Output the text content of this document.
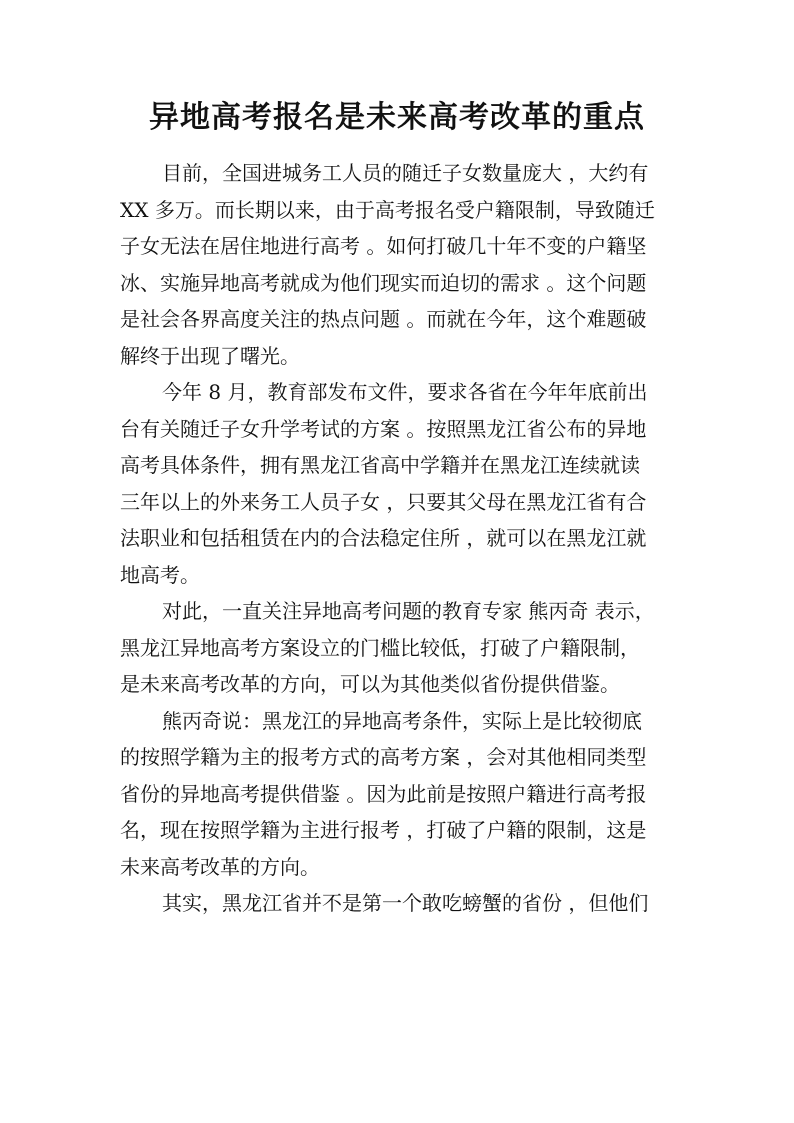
异地高考报名是未来高考改革的重点
目前，全国进城务工人员的随迁子女数量庞大 ，大约有
XX 多万。而长期以来，由于高考报名受户籍限制，导致随迁
子女无法在居住地进行高考 。如何打破几十年不变的户籍坚
冰、实施异地高考就成为他们现实而迫切的需求 。这个问题
是社会各界高度关注的热点问题 。而就在今年，这个难题破
解终于出现了曙光。
今年 8 月，教育部发布文件，要求各省在今年年底前出
台有关随迁子女升学考试的方案 。按照黑龙江省公布的异地
高考具体条件，拥有黑龙江省高中学籍并在黑龙江连续就读
三年以上的外来务工人员子女 ，只要其父母在黑龙江省有合
法职业和包括租赁在内的合法稳定住所 ，就可以在黑龙江就
地高考。
对此，一直关注异地高考问题的教育专家 熊丙奇 表示，
黑龙江异地高考方案设立的门槛比较低，打破了户籍限制，
是未来高考改革的方向，可以为其他类似省份提供借鉴。
熊丙奇说：黑龙江的异地高考条件，实际上是比较彻底
的按照学籍为主的报考方式的高考方案 ，会对其他相同类型
省份的异地高考提供借鉴 。因为此前是按照户籍进行高考报
名，现在按照学籍为主进行报考 ，打破了户籍的限制，这是
未来高考改革的方向。
其实，黑龙江省并不是第一个敢吃螃蟹的省份 ，但他们
